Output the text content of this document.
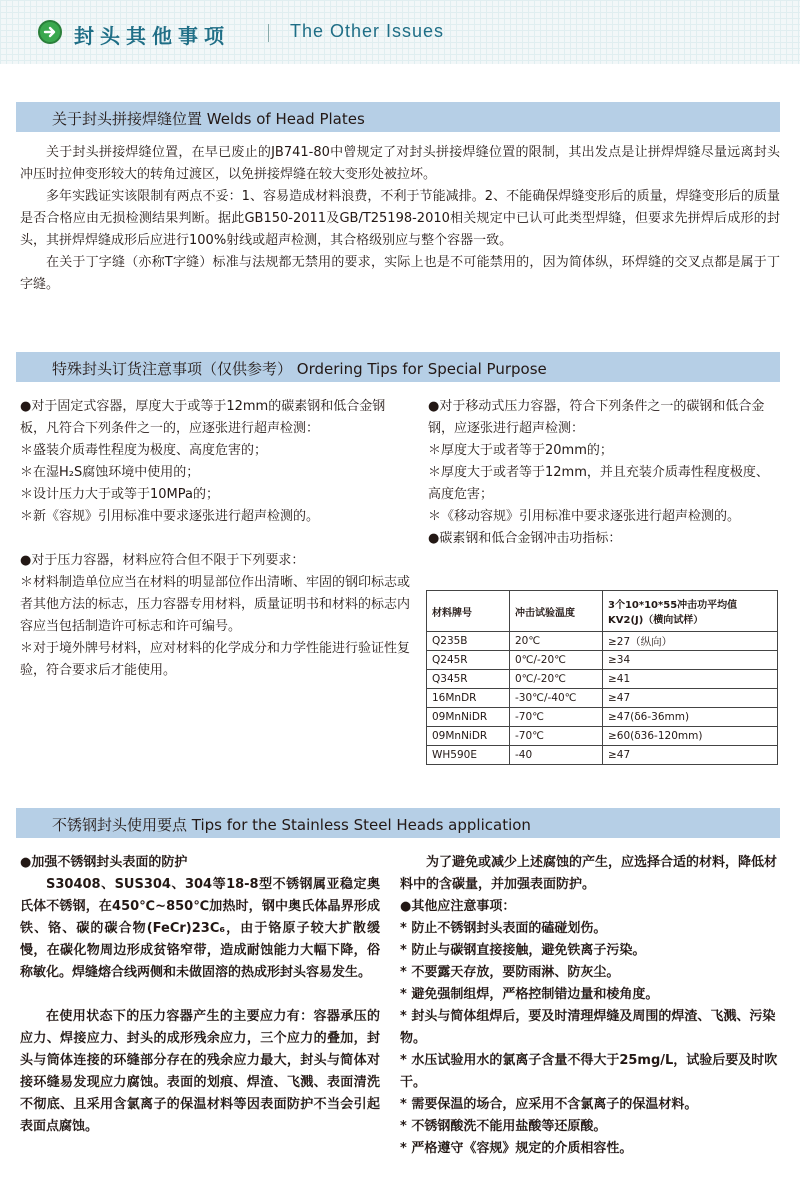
封头其他事项	The Other Issues
关于封头拼接焊缝位置 Welds of Head Plates

关于封头拼接焊缝位置，在早已废止的JB741-80中曾规定了对封头拼接焊缝位置的限制，其出发点是让拼焊焊缝尽量远离封头冲压时拉伸变形较大的转角过渡区，以免拼接焊缝在较大变形处被拉坏。

多年实践证实该限制有两点不妥：1、容易造成材料浪费，不利于节能减排。2、不能确保焊缝变形后的质量，焊缝变形后的质量是否合格应由无损检测结果判断。据此GB150-2011及GB/T25198-2010相关规定中已认可此类型焊缝，但要求先拼焊后成形的封头，其拼焊焊缝成形后应进行100%射线或超声检测，其合格级别应与整个容器一致。

在关于丁字缝（亦称T字缝）标准与法规都无禁用的要求，实际上也是不可能禁用的，因为简体纵，环焊缝的交叉点都是属于丁字缝。

特殊封头订货注意事项（仅供参考） Ordering Tips for Special Purpose

●对于固定式容器，厚度大于或等于12mm的碳素钢和低合金钢板，凡符合下列条件之一的，应逐张进行超声检测：

＊盛装介质毒性程度为极度、高度危害的；

＊在湿H₂S腐蚀环境中使用的；

＊设计压力大于或等于10MPa的；

＊新《容规》引用标准中要求逐张进行超声检测的。

●对于压力容器，材料应符合但不限于下列要求：

＊材料制造单位应当在材料的明显部位作出清晰、牢固的钢印标志或者其他方法的标志，压力容器专用材料，质量证明书和材料的标志内容应当包括制造许可标志和许可编号。

＊对于境外牌号材料，应对材料的化学成分和力学性能进行验证性复验，符合要求后才能使用。

●对于移动式压力容器，符合下列条件之一的碳钢和低合金钢，应逐张进行超声检测：

＊厚度大于或者等于20mm的；

＊厚度大于或者等于12mm，并且充装介质毒性程度极度、高度危害；

＊《移动容规》引用标准中要求逐张进行超声检测的。

●碳素钢和低合金钢冲击功指标：

材料牌号	冲击试验温度	3个10*10*55冲击功平均值KV2(J)（横向试样）
Q235B	20℃	≥27（纵向）
Q245R	0℃/-20℃	≥34
Q345R	0℃/-20℃	≥41
16MnDR	-30℃/-40℃	≥47
09MnNiDR	-70℃	≥47(δ6-36mm)
09MnNiDR	-70℃	≥60(δ36-120mm)
WH590E	-40	≥47
不锈钢封头使用要点 Tips for the Stainless Steel Heads application

●加强不锈钢封头表面的防护

S30408、SUS304、304等18-8型不锈钢属亚稳定奥氏体不锈钢，在450℃~850℃加热时，钢中奥氏体晶界形成铁、铬、碳的碳合物(FeCr)23C₆，由于铬原子较大扩散缓慢，在碳化物周边形成贫铬窄带，造成耐蚀能力大幅下降，俗称敏化。焊缝熔合线两侧和未做固溶的热成形封头容易发生。

在使用状态下的压力容器产生的主要应力有：容器承压的应力、焊接应力、封头的成形残余应力，三个应力的叠加，封头与筒体连接的环缝部分存在的残余应力最大，封头与简体对接环缝易发现应力腐蚀。表面的划痕、焊渣、飞溅、表面清洗不彻底、且采用含氯离子的保温材料等因表面防护不当会引起表面点腐蚀。

为了避免或减少上述腐蚀的产生，应选择合适的材料，降低材料中的含碳量，并加强表面防护。

●其他应注意事项：

* 防止不锈钢封头表面的磕碰划伤。

* 防止与碳钢直接接触，避免铁离子污染。

* 不要露天存放，要防雨淋、防灰尘。

* 避免强制组焊，严格控制错边量和棱角度。

* 封头与简体组焊后，要及时清理焊缝及周围的焊渣、飞溅、污染物。

* 水压试验用水的氯离子含量不得大于25mg/L，试验后要及时吹干。

* 需要保温的场合，应采用不含氯离子的保温材料。

* 不锈钢酸洗不能用盐酸等还原酸。

* 严格遵守《容规》规定的介质相容性。
